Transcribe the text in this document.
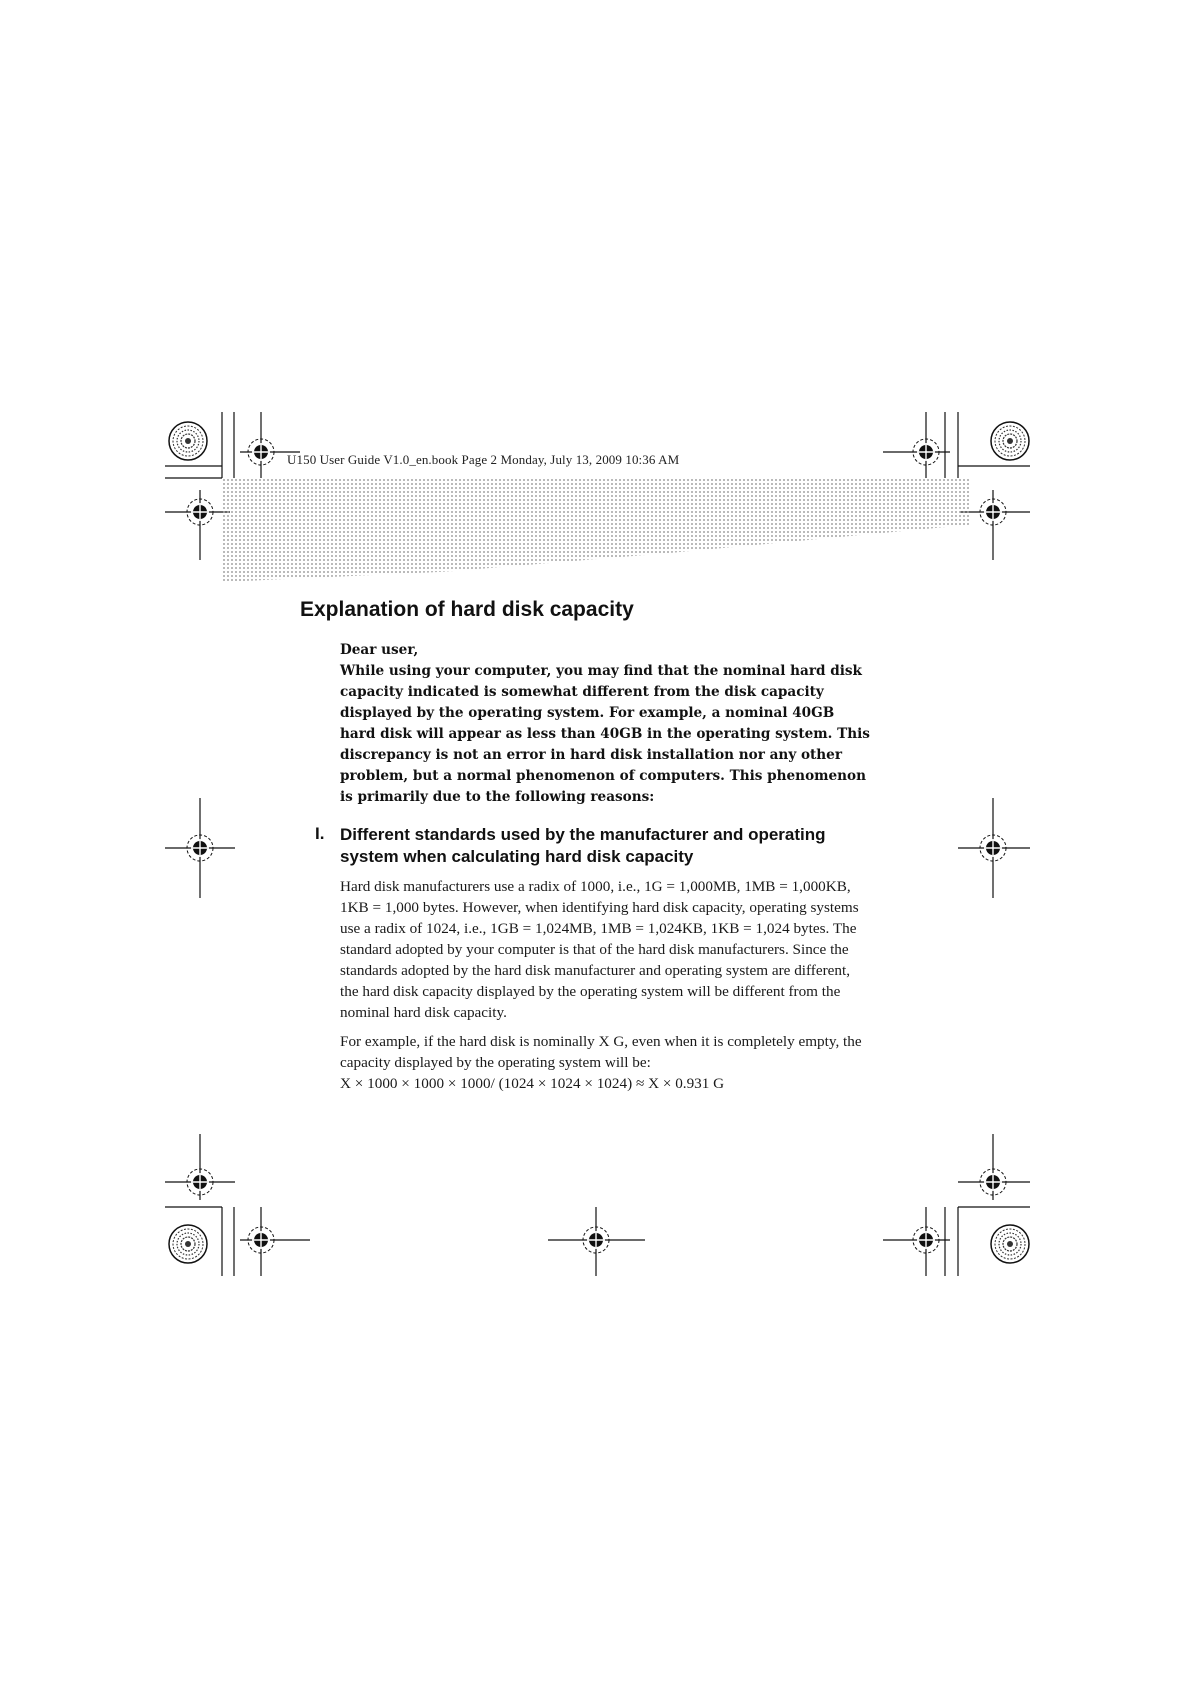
U150 User Guide V1.0_en.book Page 2 Monday, July 13, 2009 10:36 AM
Explanation of hard disk capacity

Dear user,

While using your computer, you may find that the nominal hard disk capacity indicated is somewhat different from the disk capacity displayed by the operating system. For example, a nominal 40GB hard disk will appear as less than 40GB in the operating system. This discrepancy is not an error in hard disk installation nor any other problem, but a normal phenomenon of computers. This phenomenon is primarily due to the following reasons:

I. Different standards used by the manufacturer and operating system when calculating hard disk capacity

Hard disk manufacturers use a radix of 1000, i.e., 1G = 1,000MB, 1MB = 1,000KB, 1KB = 1,000 bytes. However, when identifying hard disk capacity, operating systems use a radix of 1024, i.e., 1GB = 1,024MB, 1MB = 1,024KB, 1KB = 1,024 bytes. The standard adopted by your computer is that of the hard disk manufacturers. Since the standards adopted by the hard disk manufacturer and operating system are different, the hard disk capacity displayed by the operating system will be different from the nominal hard disk capacity.

For example, if the hard disk is nominally X G, even when it is completely empty, the capacity displayed by the operating system will be:
X × 1000 × 1000 × 1000/ (1024 × 1024 × 1024) ≈ X × 0.931 G
